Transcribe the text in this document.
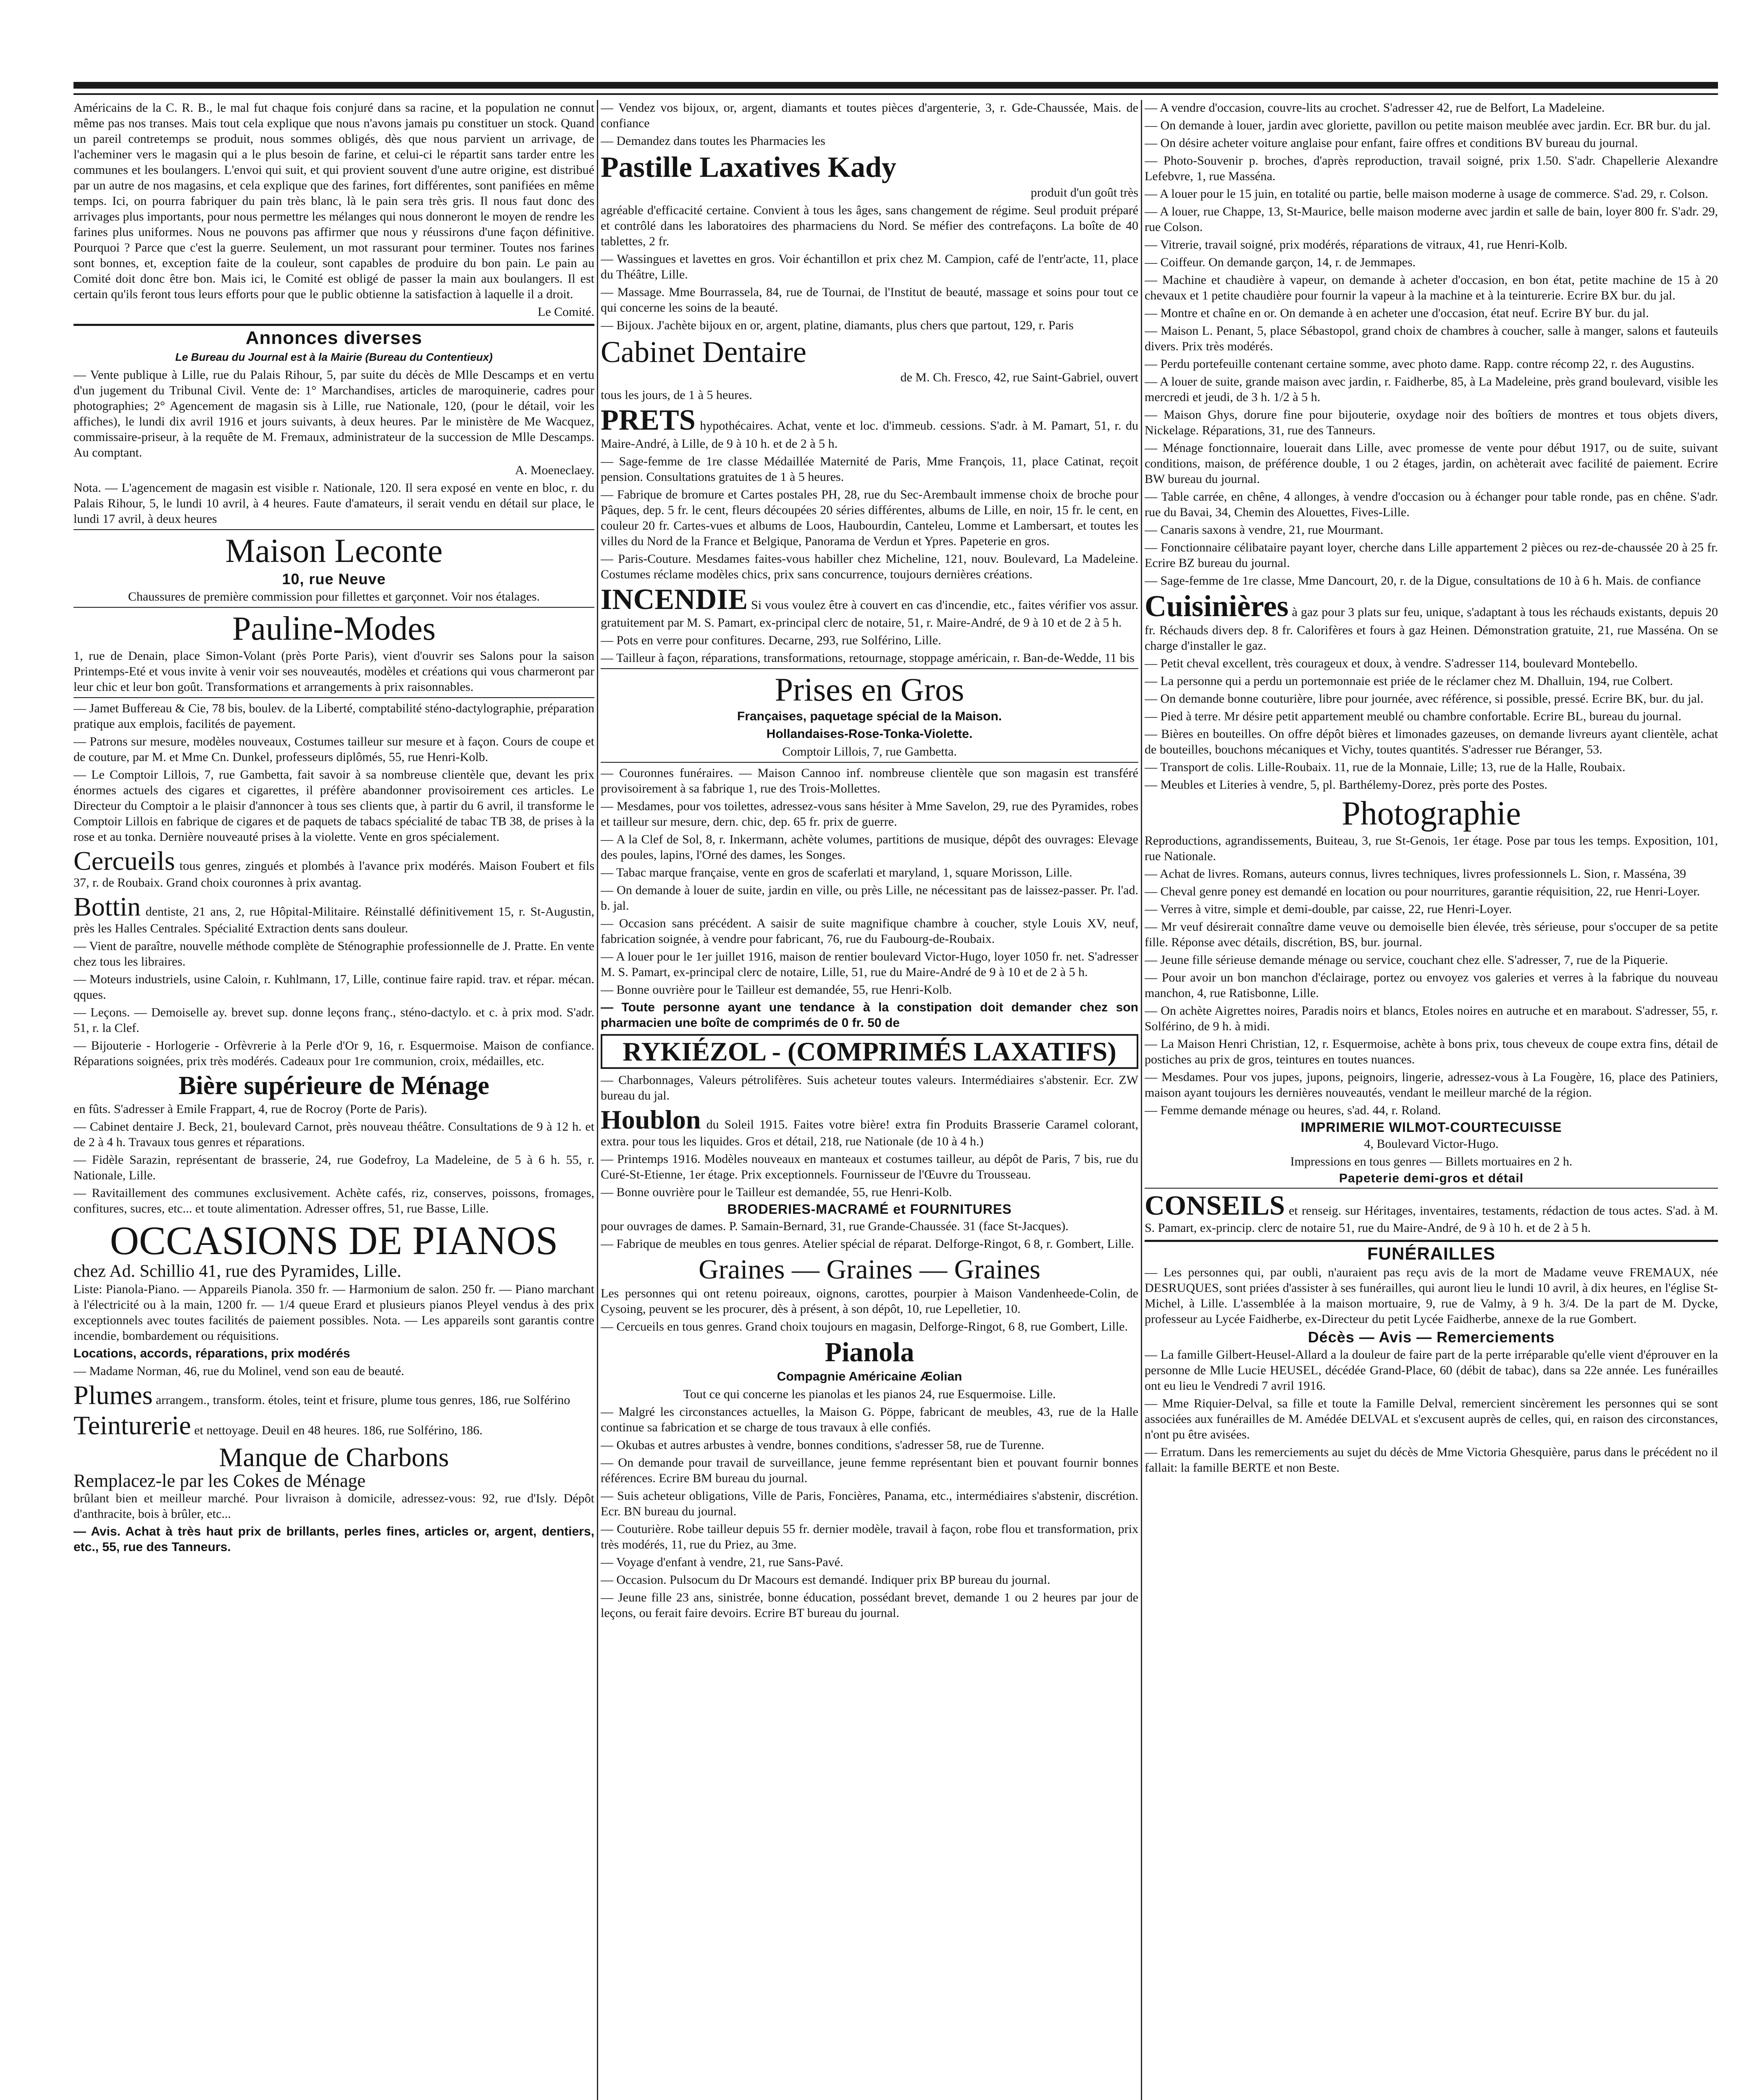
Américains de la C. R. B., le mal fut chaque fois conjuré dans sa racine, et la population ne connut même pas nos transes. Mais tout cela explique que nous n'avons jamais pu constituer un stock. Quand un pareil contretemps se produit, nous sommes obligés, dès que nous parvient un arrivage, de l'acheminer vers le magasin qui a le plus besoin de farine, et celui-ci le répartit sans tarder entre les communes et les boulangers. L'envoi qui suit, et qui provient souvent d'une autre origine, est distribué par un autre de nos magasins, et cela explique que des farines, fort différentes, sont panifiées en même temps. Ici, on pourra fabriquer du pain très blanc, là le pain sera très gris. Il nous faut donc des arrivages plus importants, pour nous permettre les mélanges qui nous donneront le moyen de rendre les farines plus uniformes. Nous ne pouvons pas affirmer que nous y réussirons d'une façon définitive. Pourquoi ? Parce que c'est la guerre. Seulement, un mot rassurant pour terminer. Toutes nos farines sont bonnes, et, exception faite de la couleur, sont capables de produire du bon pain. Le pain au Comité doit donc être bon. Mais ici, le Comité est obligé de passer la main aux boulangers. Il est certain qu'ils feront tous leurs efforts pour que le public obtienne la satisfaction à laquelle il a droit.

Le Comité.

Annonces diverses
Le Bureau du Journal est à la Mairie (Bureau du Contentieux)

— Vente publique à Lille, rue du Palais Rihour, 5, par suite du décès de Mlle Descamps et en vertu d'un jugement du Tribunal Civil. Vente de: 1° Marchandises, articles de maroquinerie, cadres pour photographies; 2° Agencement de magasin sis à Lille, rue Nationale, 120, (pour le détail, voir les affiches), le lundi dix avril 1916 et jours suivants, à deux heures. Par le ministère de Me Wacquez, commissaire-priseur, à la requête de M. Fremaux, administrateur de la succession de Mlle Descamps. Au comptant.

A. Moeneclaey.

Nota. — L'agencement de magasin est visible r. Nationale, 120. Il sera exposé en vente en bloc, r. du Palais Rihour, 5, le lundi 10 avril, à 4 heures. Faute d'amateurs, il serait vendu en détail sur place, le lundi 17 avril, à deux heures

Maison Leconte
10, rue Neuve

Chaussures de première commission pour fillettes et garçonnet. Voir nos étalages.

Pauline-Modes

1, rue de Denain, place Simon-Volant (près Porte Paris), vient d'ouvrir ses Salons pour la saison Printemps-Eté et vous invite à venir voir ses nouveautés, modèles et créations qui vous charmeront par leur chic et leur bon goût. Transformations et arrangements à prix raisonnables.

— Jamet Buffereau & Cie, 78 bis, boulev. de la Liberté, comptabilité sténo-dactylographie, préparation pratique aux emplois, facilités de payement.

— Patrons sur mesure, modèles nouveaux, Costumes tailleur sur mesure et à façon. Cours de coupe et de couture, par M. et Mme Cn. Dunkel, professeurs diplômés, 55, rue Henri-Kolb.

— Le Comptoir Lillois, 7, rue Gambetta, fait savoir à sa nombreuse clientèle que, devant les prix énormes actuels des cigares et cigarettes, il préfère abandonner provisoirement ces articles. Le Directeur du Comptoir a le plaisir d'annoncer à tous ses clients que, à partir du 6 avril, il transforme le Comptoir Lillois en fabrique de cigares et de paquets de tabacs spécialité de tabac TB 38, de prises à la rose et au tonka. Dernière nouveauté prises à la violette. Vente en gros spécialement.

Cercueils tous genres, zingués et plombés à l'avance prix modérés. Maison Foubert et fils 37, r. de Roubaix. Grand choix couronnes à prix avantag.

Bottin dentiste, 21 ans, 2, rue Hôpital-Militaire. Réinstallé définitivement 15, r. St-Augustin, près les Halles Centrales. Spécialité Extraction dents sans douleur.

— Vient de paraître, nouvelle méthode complète de Sténographie professionnelle de J. Pratte. En vente chez tous les libraires.

— Moteurs industriels, usine Caloin, r. Kuhlmann, 17, Lille, continue faire rapid. trav. et répar. mécan. qques.

— Leçons. — Demoiselle ay. brevet sup. donne leçons franç., sténo-dactylo. et c. à prix mod. S'adr. 51, r. la Clef.

— Bijouterie - Horlogerie - Orfèvrerie à la Perle d'Or 9, 16, r. Esquermoise. Maison de confiance. Réparations soignées, prix très modérés. Cadeaux pour 1re communion, croix, médailles, etc.

Bière supérieure de Ménage

en fûts. S'adresser à Emile Frappart, 4, rue de Rocroy (Porte de Paris).

— Cabinet dentaire J. Beck, 21, boulevard Carnot, près nouveau théâtre. Consultations de 9 à 12 h. et de 2 à 4 h. Travaux tous genres et réparations.

— Fidèle Sarazin, représentant de brasserie, 24, rue Godefroy, La Madeleine, de 5 à 6 h. 55, r. Nationale, Lille.

— Ravitaillement des communes exclusivement. Achète cafés, riz, conserves, poissons, fromages, confitures, sucres, etc... et toute alimentation. Adresser offres, 51, rue Basse, Lille.

OCCASIONS DE PIANOS
chez Ad. Schillio 41, rue des Pyramides, Lille.

Liste: Pianola-Piano. — Appareils Pianola. 350 fr. — Harmonium de salon. 250 fr. — Piano marchant à l'électricité ou à la main, 1200 fr. — 1/4 queue Erard et plusieurs pianos Pleyel vendus à des prix exceptionnels avec toutes facilités de paiement possibles. Nota. — Les appareils sont garantis contre incendie, bombardement ou réquisitions.

Locations, accords, réparations, prix modérés

— Madame Norman, 46, rue du Molinel, vend son eau de beauté.

Plumes arrangem., transform. étoles, teint et frisure, plume tous genres, 186, rue Solférino

Teinturerie et nettoyage. Deuil en 48 heures. 186, rue Solférino, 186.

Manque de Charbons
Remplacez-le par les Cokes de Ménage

brûlant bien et meilleur marché. Pour livraison à domicile, adressez-vous: 92, rue d'Isly. Dépôt d'anthracite, bois à brûler, etc...

— Avis. Achat à très haut prix de brillants, perles fines, articles or, argent, dentiers, etc., 55, rue des Tanneurs.

— Vendez vos bijoux, or, argent, diamants et toutes pièces d'argenterie, 3, r. Gde-Chaussée, Mais. de confiance

— Demandez dans toutes les Pharmacies les

Pastille Laxatives Kady
produit d'un goût très

agréable d'efficacité certaine. Convient à tous les âges, sans changement de régime. Seul produit préparé et contrôlé dans les laboratoires des pharmaciens du Nord. Se méfier des contrefaçons. La boîte de 40 tablettes, 2 fr.

— Wassingues et lavettes en gros. Voir échantillon et prix chez M. Campion, café de l'entr'acte, 11, place du Théâtre, Lille.

— Massage. Mme Bourrassela, 84, rue de Tournai, de l'Institut de beauté, massage et soins pour tout ce qui concerne les soins de la beauté.

— Bijoux. J'achète bijoux en or, argent, platine, diamants, plus chers que partout, 129, r. Paris

Cabinet Dentaire
de M. Ch. Fresco, 42, rue Saint-Gabriel, ouvert

tous les jours, de 1 à 5 heures.

PRETS hypothécaires. Achat, vente et loc. d'immeub. cessions. S'adr. à M. Pamart, 51, r. du Maire-André, à Lille, de 9 à 10 h. et de 2 à 5 h.

— Sage-femme de 1re classe Médaillée Maternité de Paris, Mme François, 11, place Catinat, reçoit pension. Consultations gratuites de 1 à 5 heures.

— Fabrique de bromure et Cartes postales PH, 28, rue du Sec-Arembault immense choix de broche pour Pâques, dep. 5 fr. le cent, fleurs découpées 20 séries différentes, albums de Lille, en noir, 15 fr. le cent, en couleur 20 fr. Cartes-vues et albums de Loos, Haubourdin, Canteleu, Lomme et Lambersart, et toutes les villes du Nord de la France et Belgique, Panorama de Verdun et Ypres. Papeterie en gros.

— Paris-Couture. Mesdames faites-vous habiller chez Micheline, 121, nouv. Boulevard, La Madeleine. Costumes réclame modèles chics, prix sans concurrence, toujours dernières créations.

INCENDIE Si vous voulez être à couvert en cas d'incendie, etc., faites vérifier vos assur. gratuitement par M. S. Pamart, ex-principal clerc de notaire, 51, r. Maire-André, de 9 à 10 et de 2 à 5 h.

— Pots en verre pour confitures. Decarne, 293, rue Solférino, Lille.

— Tailleur à façon, réparations, transformations, retournage, stoppage américain, r. Ban-de-Wedde, 11 bis

Prises en Gros
Françaises, paquetage spécial de la Maison.
Hollandaises-Rose-Tonka-Violette.
Comptoir Lillois, 7, rue Gambetta.

— Couronnes funéraires. — Maison Cannoo inf. nombreuse clientèle que son magasin est transféré provisoirement à sa fabrique 1, rue des Trois-Mollettes.

— Mesdames, pour vos toilettes, adressez-vous sans hésiter à Mme Savelon, 29, rue des Pyramides, robes et tailleur sur mesure, dern. chic, dep. 65 fr. prix de guerre.

— A la Clef de Sol, 8, r. Inkermann, achète volumes, partitions de musique, dépôt des ouvrages: Elevage des poules, lapins, l'Orné des dames, les Songes.

— Tabac marque française, vente en gros de scaferlati et maryland, 1, square Morisson, Lille.

— On demande à louer de suite, jardin en ville, ou près Lille, ne nécessitant pas de laissez-passer. Pr. l'ad. b. jal.

— Occasion sans précédent. A saisir de suite magnifique chambre à coucher, style Louis XV, neuf, fabrication soignée, à vendre pour fabricant, 76, rue du Faubourg-de-Roubaix.

— A louer pour le 1er juillet 1916, maison de rentier boulevard Victor-Hugo, loyer 1050 fr. net. S'adresser M. S. Pamart, ex-principal clerc de notaire, Lille, 51, rue du Maire-André de 9 à 10 et de 2 à 5 h.

— Bonne ouvrière pour le Tailleur est demandée, 55, rue Henri-Kolb.

— Toute personne ayant une tendance à la constipation doit demander chez son pharmacien une boîte de comprimés de 0 fr. 50 de

RYKIÉZOL - (COMPRIMÉS LAXATIFS)

— Charbonnages, Valeurs pétrolifères. Suis acheteur toutes valeurs. Intermédiaires s'abstenir. Ecr. ZW bureau du jal.

Houblon du Soleil 1915. Faites votre bière! extra fin Produits Brasserie Caramel colorant, extra. pour tous les liquides. Gros et détail, 218, rue Nationale (de 10 à 4 h.)

— Printemps 1916. Modèles nouveaux en manteaux et costumes tailleur, au dépôt de Paris, 7 bis, rue du Curé-St-Etienne, 1er étage. Prix exceptionnels. Fournisseur de l'Œuvre du Trousseau.

— Bonne ouvrière pour le Tailleur est demandée, 55, rue Henri-Kolb.

BRODERIES-MACRAMÉ et FOURNITURES

pour ouvrages de dames. P. Samain-Bernard, 31, rue Grande-Chaussée. 31 (face St-Jacques).

— Fabrique de meubles en tous genres. Atelier spécial de réparat. Delforge-Ringot, 6 8, r. Gombert, Lille.

Graines — Graines — Graines

Les personnes qui ont retenu poireaux, oignons, carottes, pourpier à Maison Vandenheede-Colin, de Cysoing, peuvent se les procurer, dès à présent, à son dépôt, 10, rue Lepelletier, 10.

— Cercueils en tous genres. Grand choix toujours en magasin, Delforge-Ringot, 6 8, rue Gombert, Lille.

Pianola
Compagnie Américaine Æolian

Tout ce qui concerne les pianolas et les pianos 24, rue Esquermoise. Lille.

— Malgré les circonstances actuelles, la Maison G. Pöppe, fabricant de meubles, 43, rue de la Halle continue sa fabrication et se charge de tous travaux à elle confiés.

— Okubas et autres arbustes à vendre, bonnes conditions, s'adresser 58, rue de Turenne.

— On demande pour travail de surveillance, jeune femme représentant bien et pouvant fournir bonnes références. Ecrire BM bureau du journal.

— Suis acheteur obligations, Ville de Paris, Foncières, Panama, etc., intermédiaires s'abstenir, discrétion. Ecr. BN bureau du journal.

— Couturière. Robe tailleur depuis 55 fr. dernier modèle, travail à façon, robe flou et transformation, prix très modérés, 11, rue du Priez, au 3me.

— Voyage d'enfant à vendre, 21, rue Sans-Pavé.

— Occasion. Pulsocum du Dr Macours est demandé. Indiquer prix BP bureau du journal.

— Jeune fille 23 ans, sinistrée, bonne éducation, possédant brevet, demande 1 ou 2 heures par jour de leçons, ou ferait faire devoirs. Ecrire BT bureau du journal.

— A vendre d'occasion, couvre-lits au crochet. S'adresser 42, rue de Belfort, La Madeleine.

— On demande à louer, jardin avec gloriette, pavillon ou petite maison meublée avec jardin. Ecr. BR bur. du jal.

— On désire acheter voiture anglaise pour enfant, faire offres et conditions BV bureau du journal.

— Photo-Souvenir p. broches, d'après reproduction, travail soigné, prix 1.50. S'adr. Chapellerie Alexandre Lefebvre, 1, rue Masséna.

— A louer pour le 15 juin, en totalité ou partie, belle maison moderne à usage de commerce. S'ad. 29, r. Colson.

— A louer, rue Chappe, 13, St-Maurice, belle maison moderne avec jardin et salle de bain, loyer 800 fr. S'adr. 29, rue Colson.

— Vitrerie, travail soigné, prix modérés, réparations de vitraux, 41, rue Henri-Kolb.

— Coiffeur. On demande garçon, 14, r. de Jemmapes.

— Machine et chaudière à vapeur, on demande à acheter d'occasion, en bon état, petite machine de 15 à 20 chevaux et 1 petite chaudière pour fournir la vapeur à la machine et à la teinturerie. Ecrire BX bur. du jal.

— Montre et chaîne en or. On demande à en acheter une d'occasion, état neuf. Ecrire BY bur. du jal.

— Maison L. Penant, 5, place Sébastopol, grand choix de chambres à coucher, salle à manger, salons et fauteuils divers. Prix très modérés.

— Perdu portefeuille contenant certaine somme, avec photo dame. Rapp. contre récomp 22, r. des Augustins.

— A louer de suite, grande maison avec jardin, r. Faidherbe, 85, à La Madeleine, près grand boulevard, visible les mercredi et jeudi, de 3 h. 1/2 à 5 h.

— Maison Ghys, dorure fine pour bijouterie, oxydage noir des boîtiers de montres et tous objets divers, Nickelage. Réparations, 31, rue des Tanneurs.

— Ménage fonctionnaire, louerait dans Lille, avec promesse de vente pour début 1917, ou de suite, suivant conditions, maison, de préférence double, 1 ou 2 étages, jardin, on achèterait avec facilité de paiement. Ecrire BW bureau du journal.

— Table carrée, en chêne, 4 allonges, à vendre d'occasion ou à échanger pour table ronde, pas en chêne. S'adr. rue du Bavai, 34, Chemin des Alouettes, Fives-Lille.

— Canaris saxons à vendre, 21, rue Mourmant.

— Fonctionnaire célibataire payant loyer, cherche dans Lille appartement 2 pièces ou rez-de-chaussée 20 à 25 fr. Ecrire BZ bureau du journal.

— Sage-femme de 1re classe, Mme Dancourt, 20, r. de la Digue, consultations de 10 à 6 h. Mais. de confiance

Cuisinières à gaz pour 3 plats sur feu, unique, s'adaptant à tous les réchauds existants, depuis 20 fr. Réchauds divers dep. 8 fr. Calorifères et fours à gaz Heinen. Démonstration gratuite, 21, rue Masséna. On se charge d'installer le gaz.

— Petit cheval excellent, très courageux et doux, à vendre. S'adresser 114, boulevard Montebello.

— La personne qui a perdu un portemonnaie est priée de le réclamer chez M. Dhalluin, 194, rue Colbert.

— On demande bonne couturière, libre pour journée, avec référence, si possible, pressé. Ecrire BK, bur. du jal.

— Pied à terre. Mr désire petit appartement meublé ou chambre confortable. Ecrire BL, bureau du journal.

— Bières en bouteilles. On offre dépôt bières et limonades gazeuses, on demande livreurs ayant clientèle, achat de bouteilles, bouchons mécaniques et Vichy, toutes quantités. S'adresser rue Béranger, 53.

— Transport de colis. Lille-Roubaix. 11, rue de la Monnaie, Lille; 13, rue de la Halle, Roubaix.

— Meubles et Literies à vendre, 5, pl. Barthélemy-Dorez, près porte des Postes.

Photographie

Reproductions, agrandissements, Buiteau, 3, rue St-Genois, 1er étage. Pose par tous les temps. Exposition, 101, rue Nationale.

— Achat de livres. Romans, auteurs connus, livres techniques, livres professionnels L. Sion, r. Masséna, 39

— Cheval genre poney est demandé en location ou pour nourritures, garantie réquisition, 22, rue Henri-Loyer.

— Verres à vitre, simple et demi-double, par caisse, 22, rue Henri-Loyer.

— Mr veuf désirerait connaître dame veuve ou demoiselle bien élevée, très sérieuse, pour s'occuper de sa petite fille. Réponse avec détails, discrétion, BS, bur. journal.

— Jeune fille sérieuse demande ménage ou service, couchant chez elle. S'adresser, 7, rue de la Piquerie.

— Pour avoir un bon manchon d'éclairage, portez ou envoyez vos galeries et verres à la fabrique du nouveau manchon, 4, rue Ratisbonne, Lille.

— On achète Aigrettes noires, Paradis noirs et blancs, Etoles noires en autruche et en marabout. S'adresser, 55, r. Solférino, de 9 h. à midi.

— La Maison Henri Christian, 12, r. Esquermoise, achète à bons prix, tous cheveux de coupe extra fins, détail de postiches au prix de gros, teintures en toutes nuances.

— Mesdames. Pour vos jupes, jupons, peignoirs, lingerie, adressez-vous à La Fougère, 16, place des Patiniers, maison ayant toujours les dernières nouveautés, vendant le meilleur marché de la région.

— Femme demande ménage ou heures, s'ad. 44, r. Roland.

IMPRIMERIE WILMOT-COURTECUISSE
4, Boulevard Victor-Hugo.
Impressions en tous genres — Billets mortuaires en 2 h.
Papeterie demi-gros et détail

CONSEILS et renseig. sur Héritages, inventaires, testaments, rédaction de tous actes. S'ad. à M. S. Pamart, ex-princip. clerc de notaire 51, rue du Maire-André, de 9 à 10 h. et de 2 à 5 h.

FUNÉRAILLES

— Les personnes qui, par oubli, n'auraient pas reçu avis de la mort de Madame veuve FREMAUX, née DESRUQUES, sont priées d'assister à ses funérailles, qui auront lieu le lundi 10 avril, à dix heures, en l'église St-Michel, à Lille. L'assemblée à la maison mortuaire, 9, rue de Valmy, à 9 h. 3/4. De la part de M. Dycke, professeur au Lycée Faidherbe, ex-Directeur du petit Lycée Faidherbe, annexe de la rue Gombert.

Décès — Avis — Remerciements

— La famille Gilbert-Heusel-Allard a la douleur de faire part de la perte irréparable qu'elle vient d'éprouver en la personne de Mlle Lucie HEUSEL, décédée Grand-Place, 60 (débit de tabac), dans sa 22e année. Les funérailles ont eu lieu le Vendredi 7 avril 1916.

— Mme Riquier-Delval, sa fille et toute la Famille Delval, remercient sincèrement les personnes qui se sont associées aux funérailles de M. Amédée DELVAL et s'excusent auprès de celles, qui, en raison des circonstances, n'ont pu être avisées.

— Erratum. Dans les remerciements au sujet du décès de Mme Victoria Ghesquière, parus dans le précédent no il fallait: la famille BERTE et non Beste.
